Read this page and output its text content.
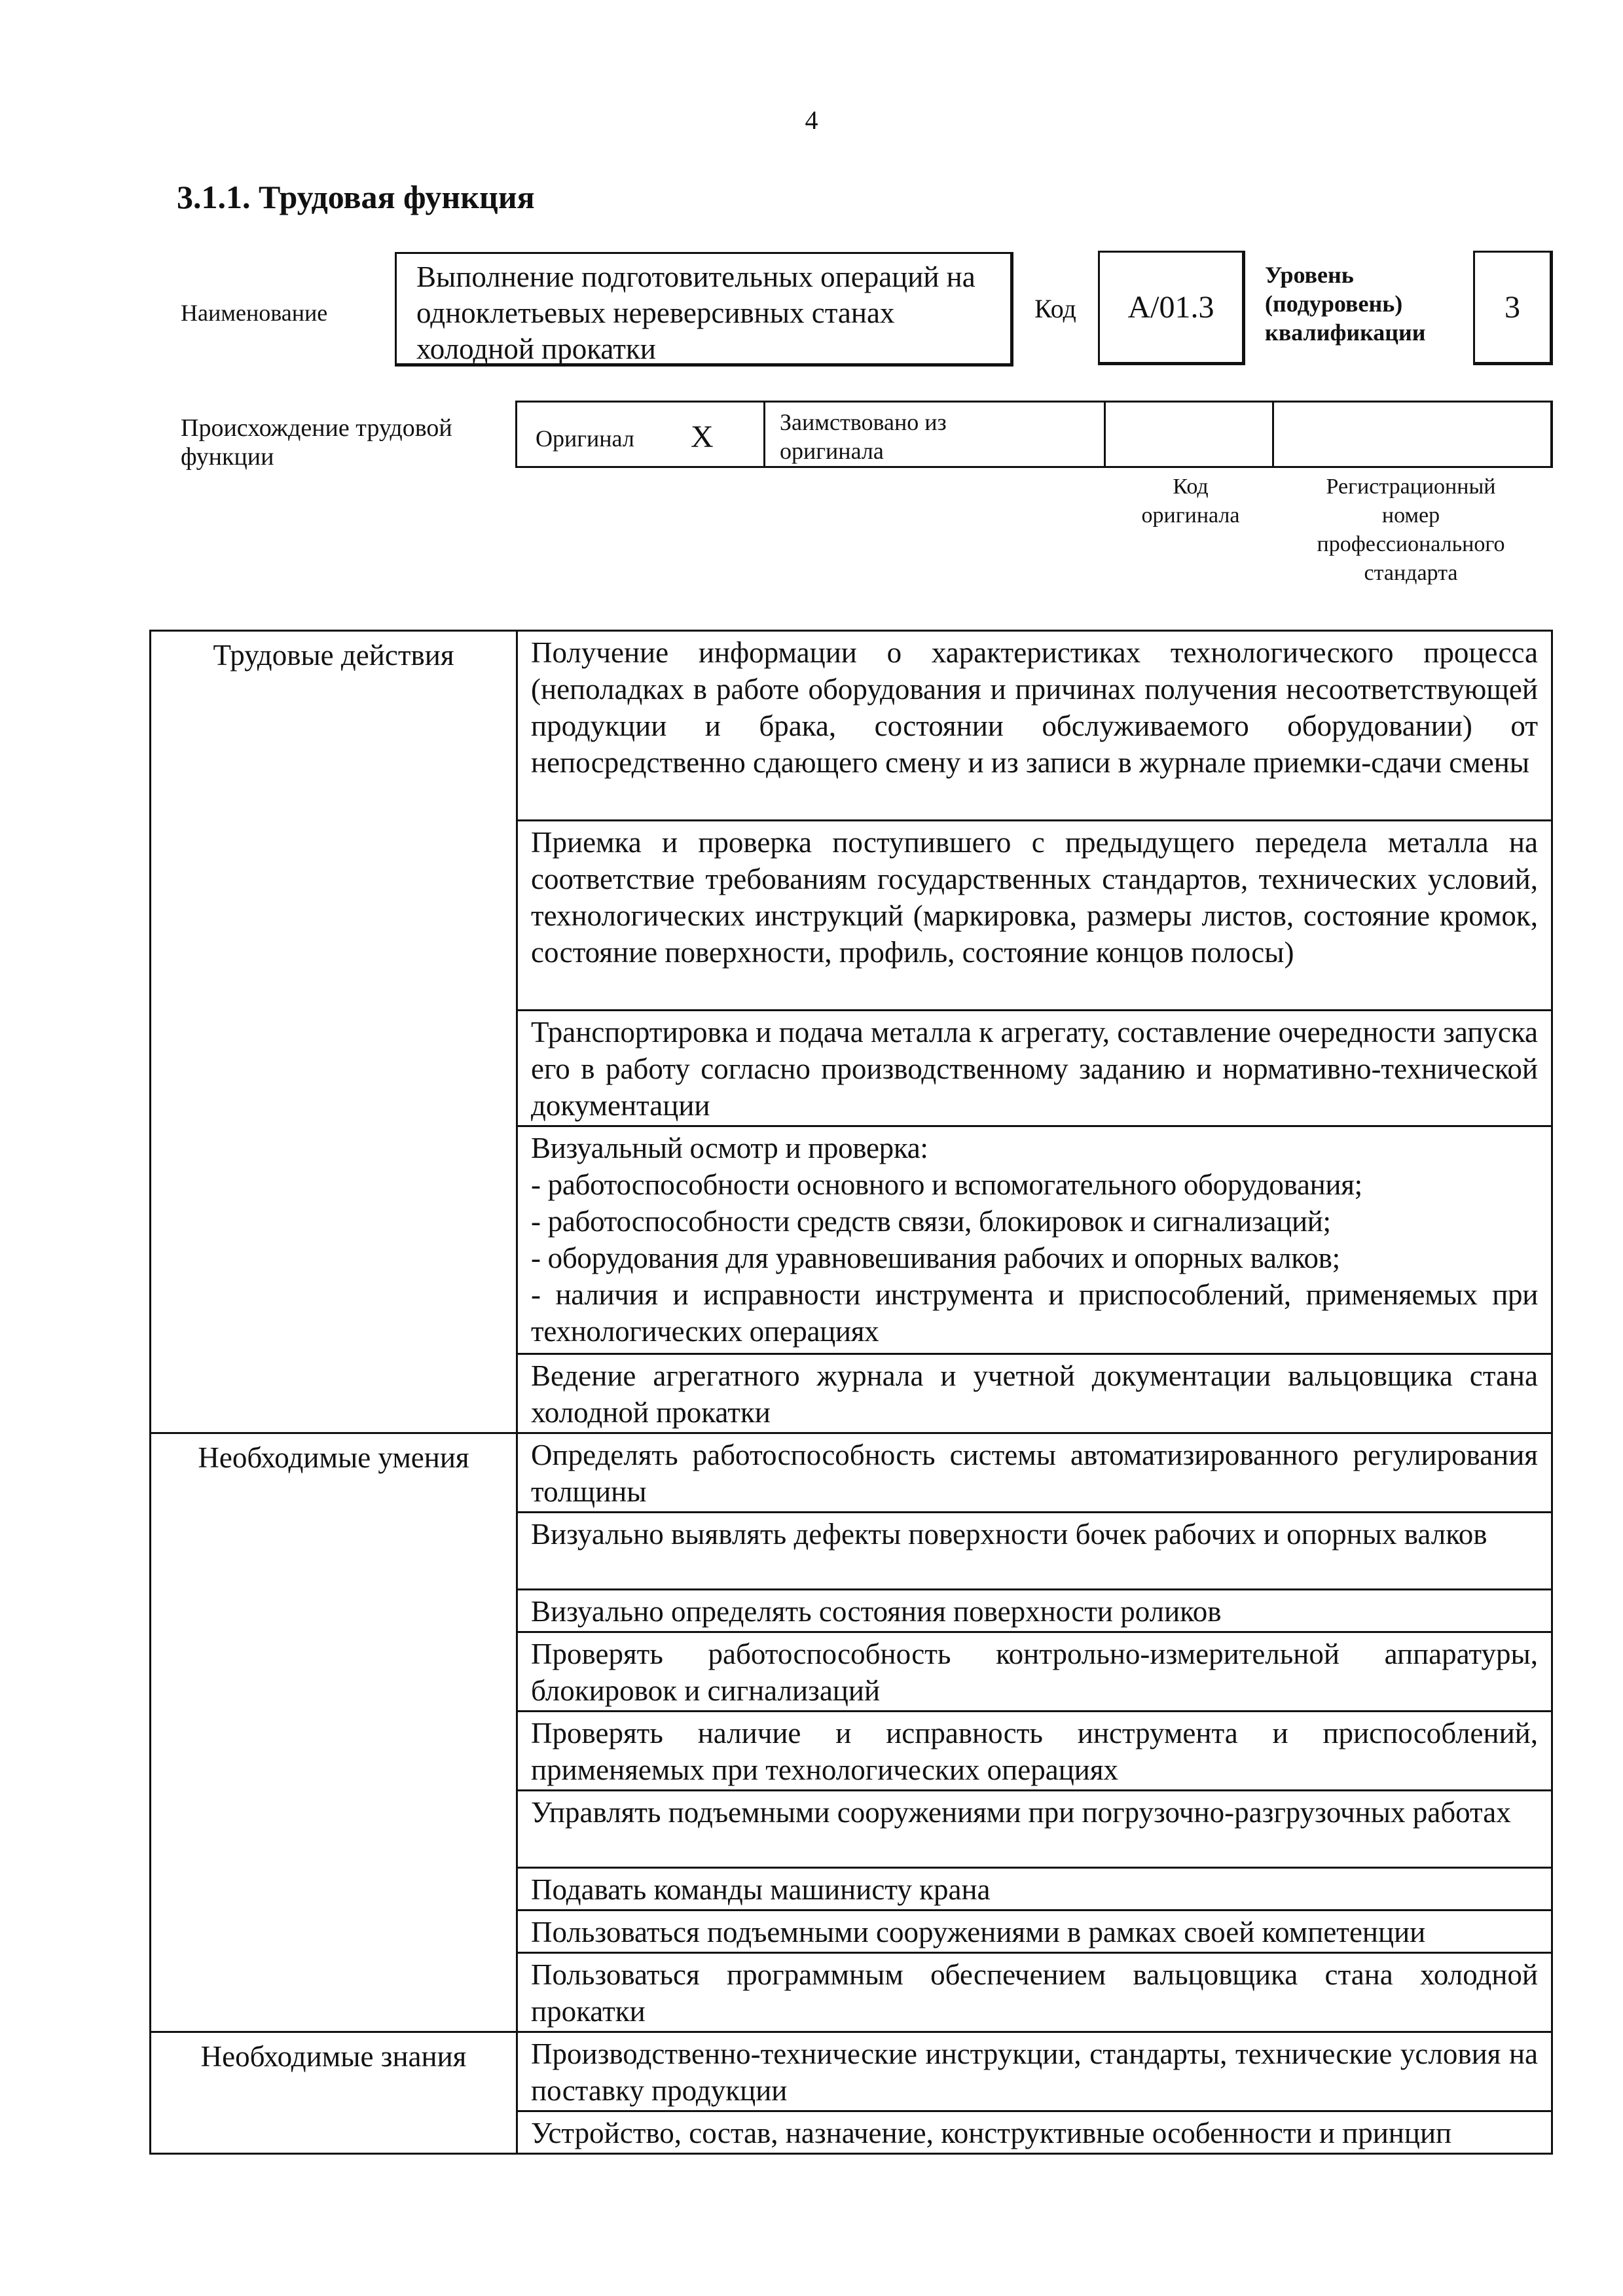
4
3.1.1. Трудовая функция
Наименование
Выполнение подготовительных операций на одноклетьевых нереверсивных станах холодной прокатки
Код А/01.3
Уровень
(подуровень)
квалификации
3
Происхождение трудовой
функции
Оригинал X	Заимствовано из
оригинала
Код
оригинала
Регистрационный
номер
профессионального
стандарта
Трудовые действия	Получение информации о характеристиках технологического процесса (неполадках в работе оборудования и причинах получения несоответствующей продукции и брака, состоянии обслуживаемого оборудовании) от непосредственно сдающего смену и из записи в журнале приемки-сдачи смены
	Приемка и проверка поступившего с предыдущего передела металла на соответствие требованиям государственных стандартов, технических условий, технологических инструкций (маркировка, размеры листов, состояние кромок, состояние поверхности, профиль, состояние концов полосы)
	Транспортировка и подача металла к агрегату, составление очередности запуска его в работу согласно производственному заданию и нормативно-технической документации

	Визуальный осмотр и проверка:
- работоспособности основного и вспомогательного оборудования;
- работоспособности средств связи, блокировок и сигнализаций;
- оборудования для уравновешивания рабочих и опорных валков;
- наличия и исправности инструмента и приспособлений, применяемых при технологических операциях

	Ведение агрегатного журнала и учетной документации вальцовщика стана холодной прокатки
Необходимые умения	Определять работоспособность системы автоматизированного регулирования толщины
	Визуально выявлять дефекты поверхности бочек рабочих и опорных валков
	Визуально определять состояния поверхности роликов
	Проверять работоспособность контрольно-измерительной аппаратуры, блокировок и сигнализаций
	Проверять наличие и исправность инструмента и приспособлений, применяемых при технологических операциях
	Управлять подъемными сооружениями при погрузочно-разгрузочных работах
	Подавать команды машинисту крана
	Пользоваться подъемными сооружениями в рамках своей компетенции
	Пользоваться программным обеспечением вальцовщика стана холодной прокатки
Необходимые знания	Производственно-технические инструкции, стандарты, технические условия на поставку продукции
	Устройство, состав, назначение, конструктивные особенности и принцип
